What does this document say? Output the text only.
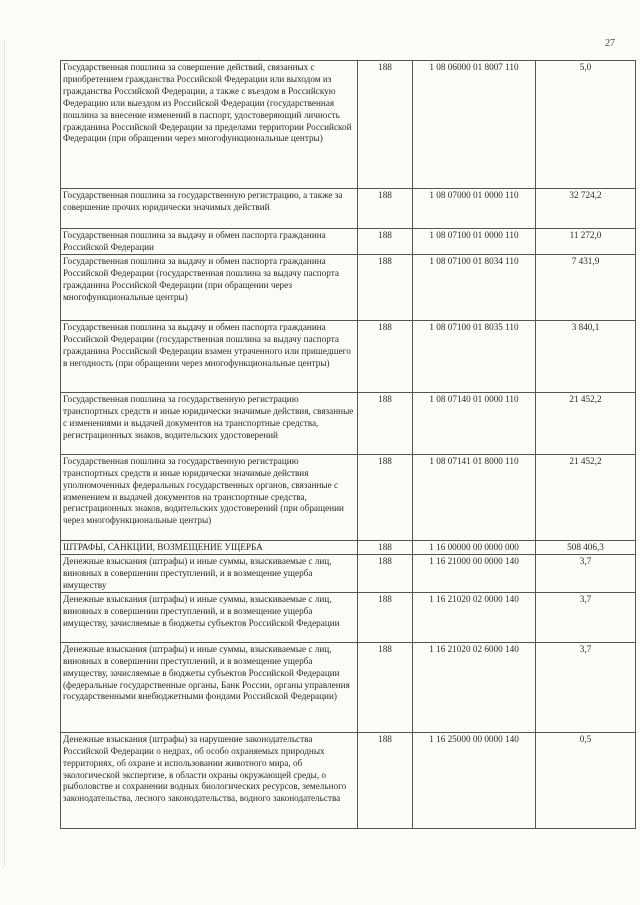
27
Государственная пошлина за совершение действий, связанных с приобретением гражданства Российской Федерации или выходом из гражданства Российской Федерации, а также с въездом в Российскую Федерацию или выездом из Российской Федерации (государственная пошлина за внесение изменений в паспорт, удостоверяющий личность гражданина Российской Федерации за пределами территории Российской Федерации (при обращении через многофункциональные центры)	188	1 08 06000 01 8007 110	5,0
Государственная пошлина за государственную регистрацию, а также за совершение прочих юридически значимых действий	188	1 08 07000 01 0000 110	32 724,2
Государственная пошлина за выдачу и обмен паспорта гражданина Российской Федерации	188	1 08 07100 01 0000 110	11 272,0
Государственная пошлина за выдачу и обмен паспорта гражданина Российской Федерации (государственная пошлина за выдачу паспорта гражданина Российской Федерации (при обращении через многофункциональные центры)	188	1 08 07100 01 8034 110	7 431,9
Государственная пошлина за выдачу и обмен паспорта гражданина Российской Федерации (государственная пошлина за выдачу паспорта гражданина Российской Федерации взамен утраченного или пришедшего в негодность (при обращении через многофункциональные центры)	188	1 08 07100 01 8035 110	3 840,1
Государственная пошлина за государственную регистрацию транспортных средств и иные юридически значимые действия, связанные с изменениями и выдачей документов на транспортные средства, регистрационных знаков, водительских удостоверений	188	1 08 07140 01 0000 110	21 452,2
Государственная пошлина за государственную регистрацию транспортных средств и иные юридически значимые действия уполномоченных федеральных государственных органов, связанные с изменением и выдачей документов на транспортные средства, регистрационных знаков, водительских удостоверений (при обращении через многофункциональные центры)	188	1 08 07141 01 8000 110	21 452,2
ШТРАФЫ, САНКЦИИ, ВОЗМЕЩЕНИЕ УЩЕРБА	188	1 16 00000 00 0000 000	508 406,3
Денежные взыскания (штрафы) и иные суммы, взыскиваемые с лиц, виновных в совершении преступлений, и в возмещение ущерба имуществу	188	1 16 21000 00 0000 140	3,7
Денежные взыскания (штрафы) и иные суммы, взыскиваемые с лиц, виновных в совершении преступлений, и в возмещение ущерба имуществу, зачисляемые в бюджеты субъектов Российской Федерации	188	1 16 21020 02 0000 140	3,7
Денежные взыскания (штрафы) и иные суммы, взыскиваемые с лиц, виновных в совершении преступлений, и в возмещение ущерба имуществу, зачисляемые в бюджеты субъектов Российской Федерации (федеральные государственные органы, Банк России, органы управления государственными внебюджетными фондами Российской Федерации)	188	1 16 21020 02 6000 140	3,7
Денежные взыскания (штрафы) за нарушение законодательства Российской Федерации о недрах, об особо охраняемых природных территориях, об охране и использовании животного мира, об экологической экспертизе, в области охраны окружающей среды, о рыболовстве и сохранении водных биологических ресурсов, земельного законодательства, лесного законодательства, водного законодательства	188	1 16 25000 00 0000 140	0,5
